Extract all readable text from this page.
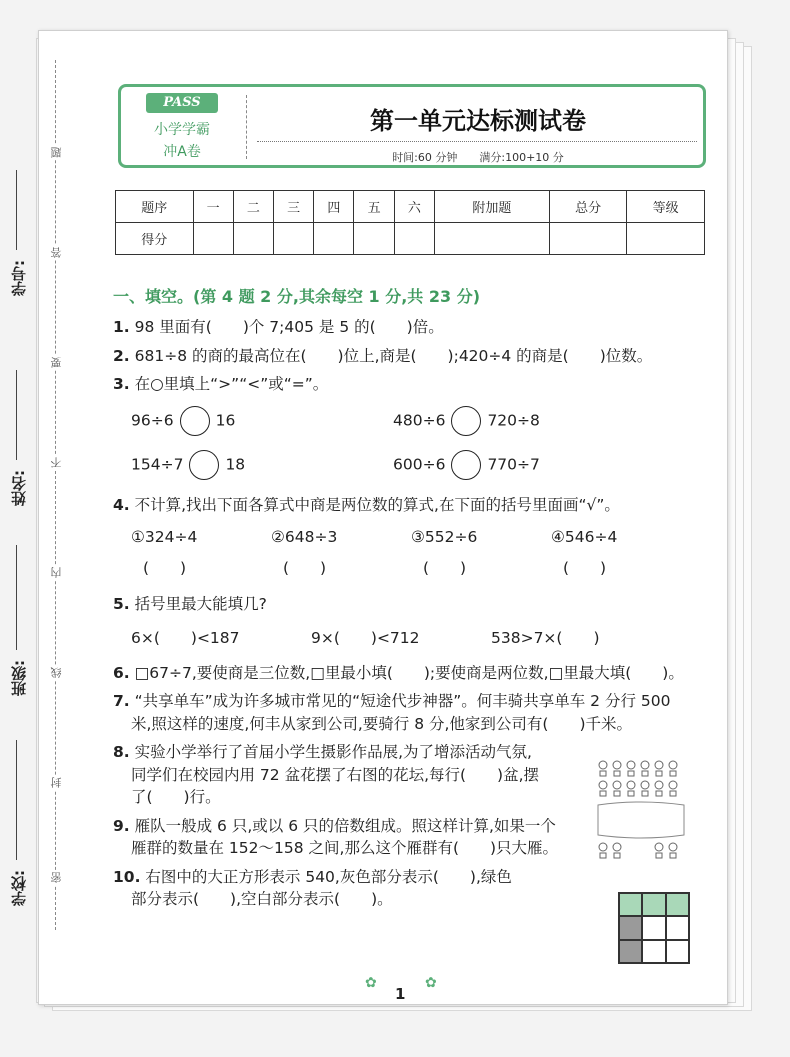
学号:
姓名:
班级:
学校:
题
答
要
不
内
线
封
密
PASS
小学学霸
冲A卷
第一单元达标测试卷
时间:60 分钟　　满分:100+10 分
题序	一	二	三	四	五	六	附加题	总分	等级
得分									
一、填空。(第 4 题 2 分,其余每空 1 分,共 23 分)
1. 98 里面有(　　)个 7;405 是 5 的(　　)倍。
2. 681÷8 的商的最高位在(　　)位上,商是(　　);420÷4 的商是(　　)位数。
3. 在○里填上“>”“<”或“=”。
96÷6	16	480÷6	720÷8
154÷7	18	600÷6	770÷7
4. 不计算,找出下面各算式中商是两位数的算式,在下面的括号里面画“√”。
①324÷4	②648÷3	③552÷6	④546÷4
(　　)	(　　)	(　　)	(　　)
5. 括号里最大能填几?
6×(　　)<187	9×(　　)<712	538>7×(　　)
6. □67÷7,要使商是三位数,□里最小填(　　);要使商是两位数,□里最大填(　　)。
7. “共享单车”成为许多城市常见的“短途代步神器”。何丰骑共享单车 2 分行 500
米,照这样的速度,何丰从家到公司,要骑行 8 分,他家到公司有(　　)千米。
8. 实验小学举行了首届小学生摄影作品展,为了增添活动气氛,
同学们在校园内用 72 盆花摆了右图的花坛,每行(　　)盆,摆
了(　　)行。
9. 雁队一般成 6 只,或以 6 只的倍数组成。照这样计算,如果一个
雁群的数量在 152～158 之间,那么这个雁群有(　　)只大雁。
10. 右图中的大正方形表示 540,灰色部分表示(　　),绿色
部分表示(　　),空白部分表示(　　)。
✿
1
✿
